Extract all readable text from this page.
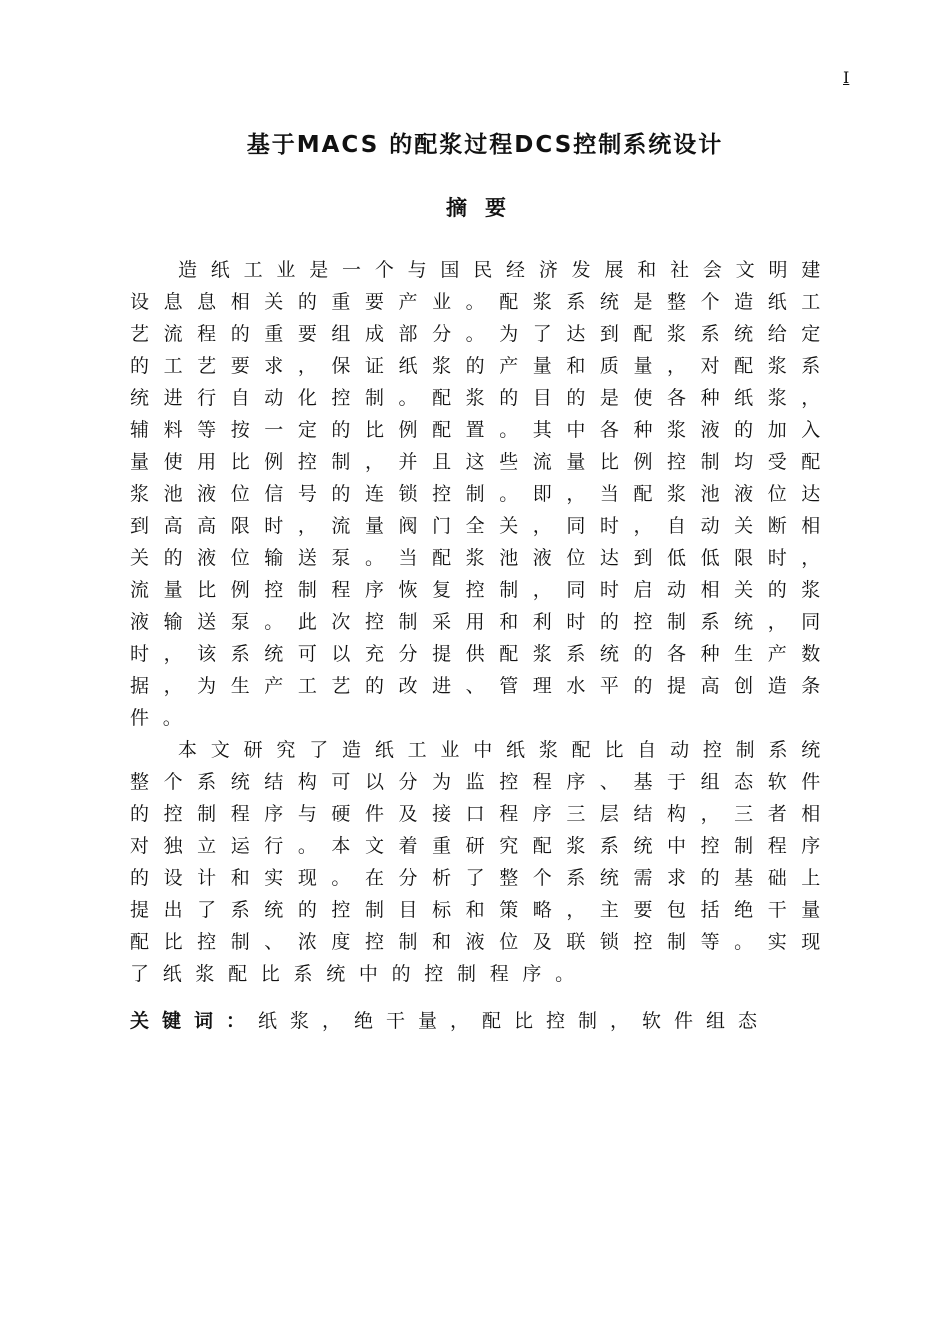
I
基于MACS 的配浆过程DCS控制系统设计
摘要

造纸工业是一个与国民经济发展和社会文明建设息息相关的重要产业。配浆系统是整个造纸工艺流程的重要组成部分。为了达到配浆系统给定的工艺要求，保证纸浆的产量和质量，对配浆系统进行自动化控制。配浆的目的是使各种纸浆，辅料等按一定的比例配置。其中各种浆液的加入量使用比例控制，并且这些流量比例控制均受配浆池液位信号的连锁控制。即，当配浆池液位达到高高限时，流量阀门全关，同时，自动关断相关的液位输送泵。当配浆池液位达到低低限时，流量比例控制程序恢复控制，同时启动相关的浆液输送泵。此次控制采用和利时的控制系统，同时，该系统可以充分提供配浆系统的各种生产数据，为生产工艺的改进、管理水平的提高创造条件。

本文研究了造纸工业中纸浆配比自动控制系统整个系统结构可以分为监控程序、基于组态软件的控制程序与硬件及接口程序三层结构，三者相对独立运行。本文着重研究配浆系统中控制程序的设计和实现。在分析了整个系统需求的基础上提出了系统的控制目标和策略，主要包括绝干量配比控制、浓度控制和液位及联锁控制等。实现了纸浆配比系统中的控制程序。

关键词：纸浆，绝干量，配比控制，软件组态
